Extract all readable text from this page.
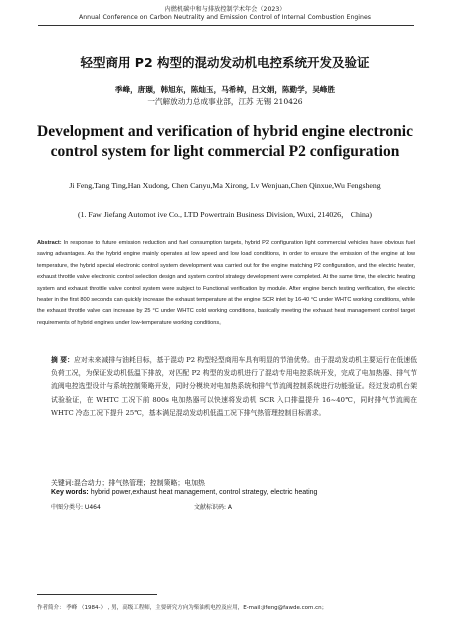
内燃机碳中和与排放控制学术年会（2023）
Annual Conference on Carbon Neutrality and Emission Control of Internal Combustion Engines
轻型商用 P2 构型的混动发动机电控系统开发及验证
季峰，唐颋，韩旭东，陈灿玉，马希棹，吕文娟，陈勤学，吴峰胜
一汽解放动力总成事业部，江苏 无锡 210426
Development and verification of hybrid engine electronic control system for light commercial P2 configuration
Ji Feng,Tang Ting,Han Xudong, Chen Canyu,Ma Xirong, Lv Wenjuan,Chen Qinxue,Wu Fengsheng
(1. Faw Jiefang Automot ive Co., LTD Powertrain Business Division, Wuxi, 214026， China)
Abstract: In response to future emission reduction and fuel consumption targets, hybrid P2 configuration light commercial vehicles have obvious fuel saving advantages. As the hybrid engine mainly operates at low speed and low load conditions, in order to ensure the emission of the engine at low temperature, the hybrid special electronic control system development was carried out for the engine matching P2 configuration, and the electric heater, exhaust throttle valve electronic control selection design and system control strategy development were completed. At the same time, the electric heating system and exhaust throttle valve control system were subject to Functional verification by module. After engine bench testing verification, the electric heater in the first 800 seconds can quickly increase the exhaust temperature at the engine SCR inlet by 16-40 °C under WHTC working conditions, while the exhaust throttle valve can increase by 25 °C under WHTC cold working conditions, basically meeting the exhaust heat management control target requirements of hybrid engines under low-temperature working conditions。
摘 要：应对未来减排与油耗目标，基于混动 P2 构型轻型商用车具有明显的节油优势。由于混动发动机主要运行在低速低负荷工况，为保证发动机低温下排放，对匹配 P2 构型的发动机进行了混动专用电控系统开发，完成了电加热器、排气节流阀电控选型设计与系统控制策略开发，同时分模块对电加热系统和排气节流阀控制系统进行功能验证。经过发动机台架试验验证，在 WHTC 工况下前 800s 电加热器可以快速将发动机 SCR 入口排温提升 16~40℃，同时排气节流阀在 WHTC 冷态工况下提升 25℃，基本满足混动发动机低温工况下排气热管理控制目标需求。
关键词:混合动力；排气热管理；控制策略；电加热
Key words: hybrid power,exhaust heat management, control strategy, electric heating
中图分类号: U464	文献标识码: A
作者简介： 季峰 （1984-） , 男，高级工程师，主要研究方向为柴油机电控及应用，E-mail:jifeng@fawde.com.cn；
